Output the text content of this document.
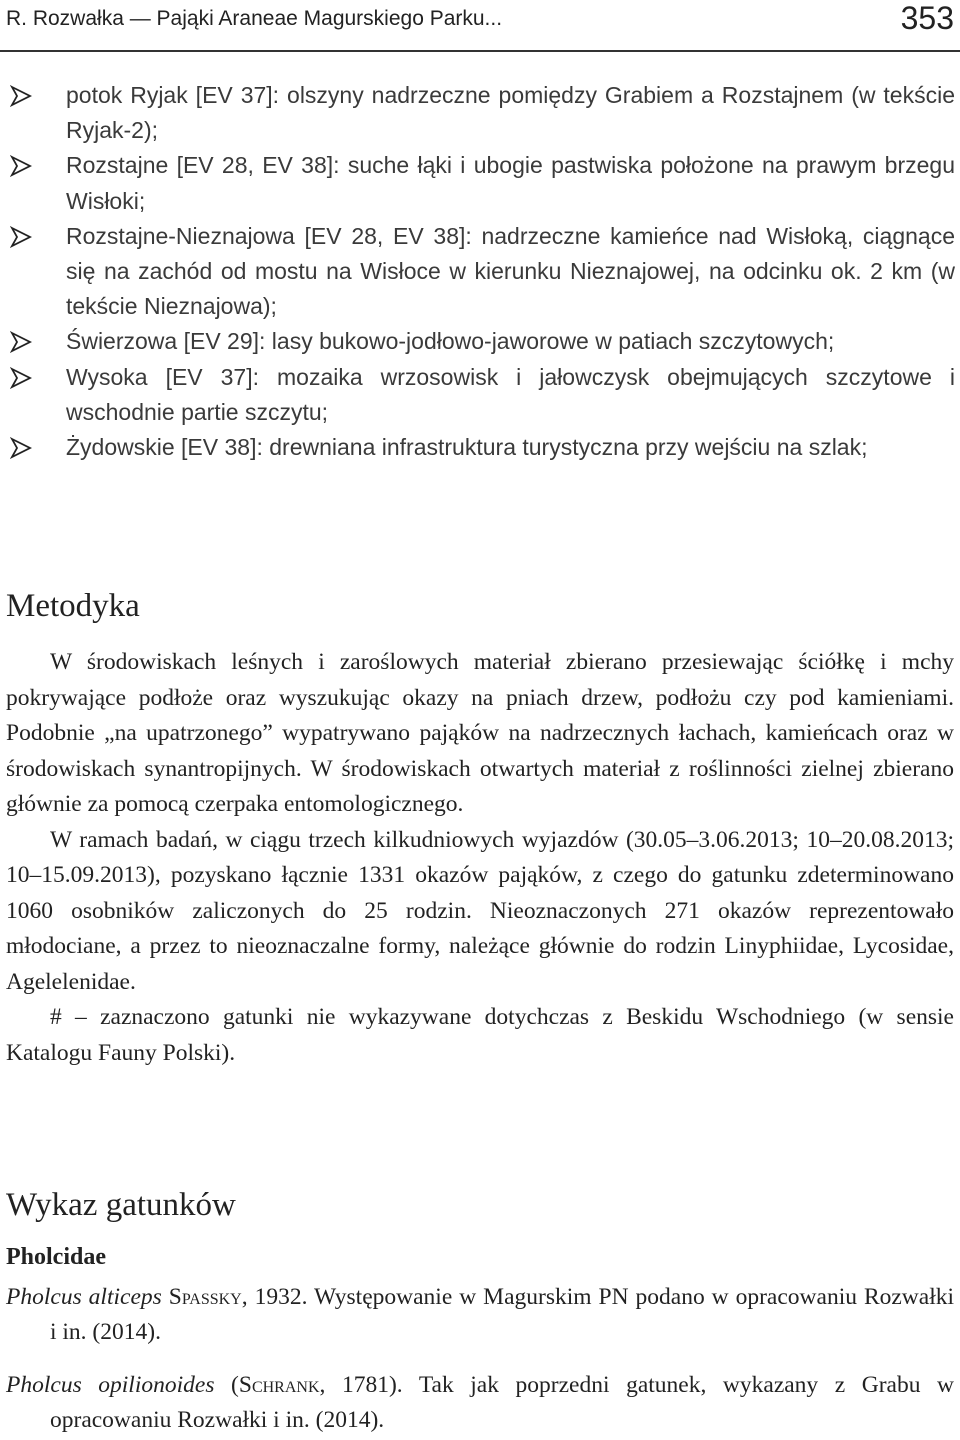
R. Rozwałka — Pająki Araneae Magurskiego Parku...	353
potok Ryjak [EV 37]: olszyny nadrzeczne pomiędzy Grabiem a Rozstajnem (w tekście Ryjak-2);
Rozstajne [EV 28, EV 38]: suche łąki i ubogie pastwiska położone na prawym brzegu Wisłoki;
Rozstajne-Nieznajowa [EV 28, EV 38]: nadrzeczne kamieńce nad Wisłoką, ciągnące się na zachód od mostu na Wisłoce w kierunku Nieznajowej, na odcinku ok. 2 km (w tekście Nieznajowa);
Świerzowa [EV 29]: lasy bukowo-jodłowo-jaworowe w patiach szczytowych;
Wysoka [EV 37]: mozaika wrzosowisk i jałowczysk obejmujących szczytowe i wschodnie partie szczytu;
Żydowskie [EV 38]: drewniana infrastruktura turystyczna przy wejściu na szlak;
Metodyka

W środowiskach leśnych i zaroślowych materiał zbierano przesiewając ściółkę i mchy pokrywające podłoże oraz wyszukując okazy na pniach drzew, podłożu czy pod kamieniami. Podobnie „na upatrzonego” wypatrywano pająków na nadrzecznych łachach, kamieńcach oraz w środowiskach synantropijnych. W środowiskach otwartych materiał z roślinności zielnej zbierano głównie za pomocą czerpaka entomologicznego.

W ramach badań, w ciągu trzech kilkudniowych wyjazdów (30.05–3.06.2013; 10–20.08.2013; 10–15.09.2013), pozyskano łącznie 1331 okazów pająków, z czego do gatunku zdeterminowano 1060 osobników zaliczonych do 25 rodzin. Nieoznaczonych 271 okazów reprezentowało młodociane, a przez to nieoznaczalne formy, należące głównie do rodzin Linyphiidae, Lycosidae, Agelelenidae.

# – zaznaczono gatunki nie wykazywane dotychczas z Beskidu Wschodniego (w sensie Katalogu Fauny Polski).

Wykaz gatunków
Pholcidae

Pholcus alticeps Spassky, 1932. Występowanie w Magurskim PN podano w opracowaniu Rozwałki i in. (2014).

Pholcus opilionoides (Schrank, 1781). Tak jak poprzedni gatunek, wykazany z Grabu w opracowaniu Rozwałki i in. (2014).
